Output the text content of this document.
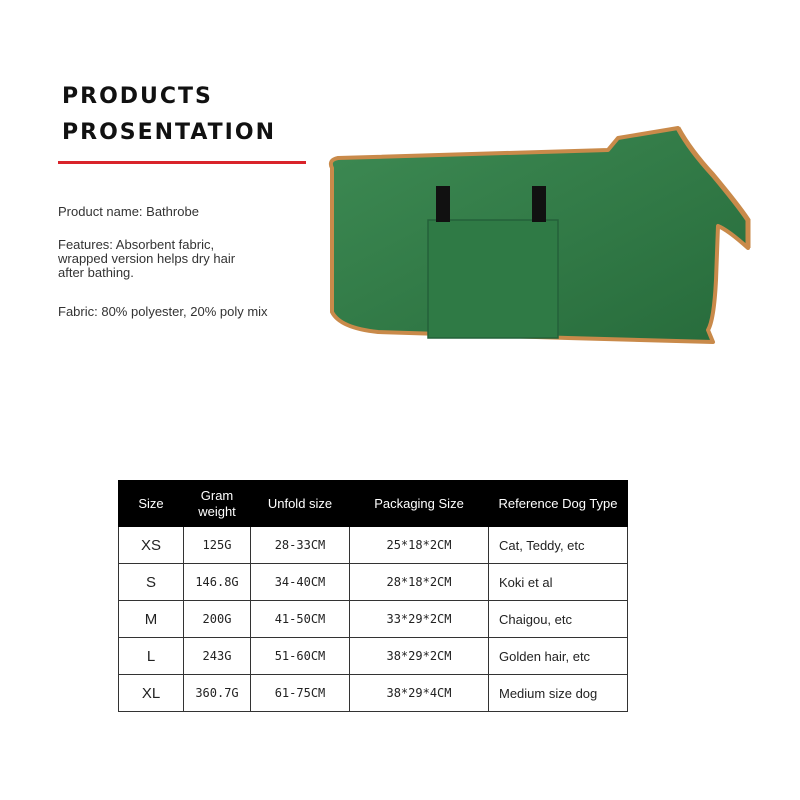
PRODUCTS
PROSENTATION

Product name: Bathrobe

Features: Absorbent fabric, wrapped version helps dry hair after bathing.

Fabric: 80% polyester, 20% poly mix

Size	Gram weight	Unfold size	Packaging Size	Reference Dog Type
XS	125G	28-33CM	25*18*2CM	Cat, Teddy, etc
S	146.8G	34-40CM	28*18*2CM	Koki et al
M	200G	41-50CM	33*29*2CM	Chaigou, etc
L	243G	51-60CM	38*29*2CM	Golden hair, etc
XL	360.7G	61-75CM	38*29*4CM	Medium size dog
